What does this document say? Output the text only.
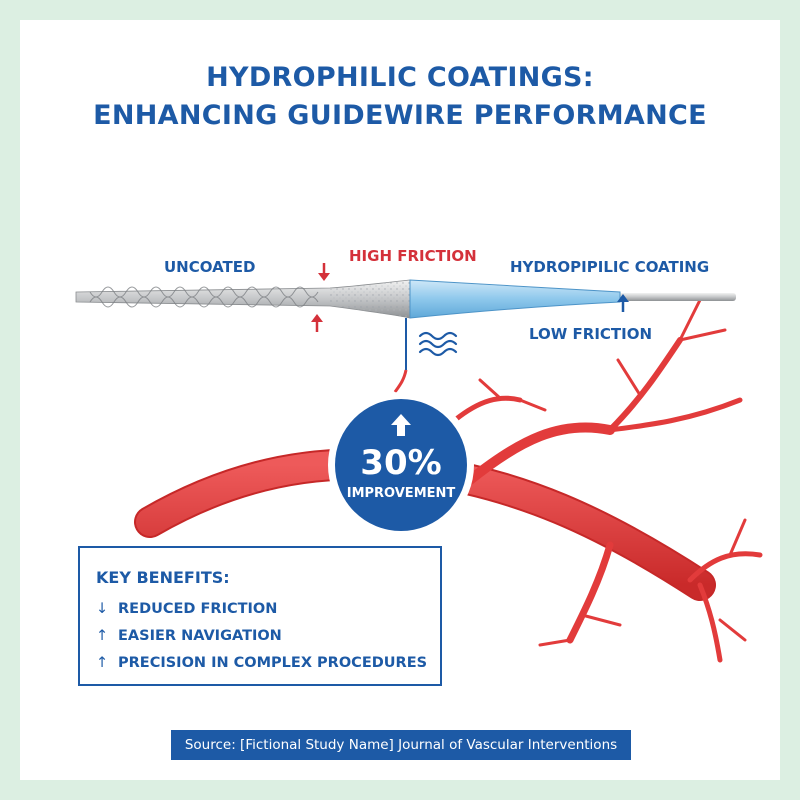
HYDROPHILIC COATINGS:
ENHANCING GUIDEWIRE PERFORMANCE
UNCOATED
HIGH FRICTION
HYDROPIPILIC COATING
LOW FRICTION
30%
IMPROVEMENT
KEY BENEFITS:
↓ REDUCED FRICTION
↑ EASIER NAVIGATION
↑ PRECISION IN COMPLEX PROCEDURES
Source: [Fictional Study Name] Journal of Vascular Interventions
